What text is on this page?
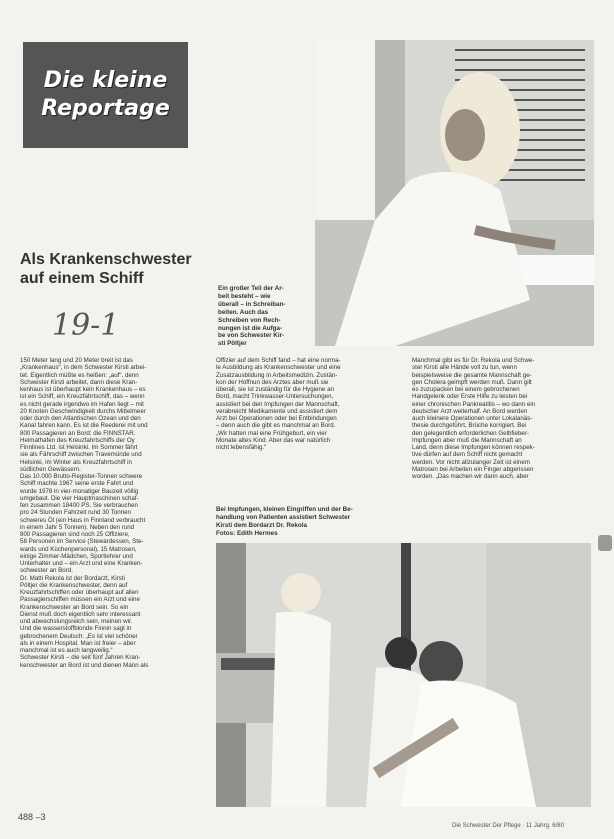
Die kleine
Reportage
Als Krankenschwester
auf einem Schiff
19-1
Ein großer Teil der Ar-
beit besteht – wie
überall – in Schreiban-
beiten. Auch das
Schreiben von Rech-
nungen ist die Aufga-
be von Schwester Kir-
sti Pöltjer

150 Meter lang und 20 Meter breit ist das

„Krankenhaus“, in dem Schwester Kirsti arbei-

tet. Eigentlich müßte es heißen: „auf“, denn

Schwester Kirsti arbeitet, dann diese Kran-

kenhaus ist überhaupt kein Krankenhaus – es

ist ein Schiff, ein Kreuzfahrtschiff, das – wenn

es nicht gerade irgendwo im Hafen liegt – mit

20 Knoten Geschwindigkeit durchs Mittelmeer

oder durch den Atlantischen Ozean und den

Kanal fahren kann. Es ist die Reederei mit und

800 Passagieren an Bord: die FINNSTAR.

Heimathafen des Kreuzfahrtschiffs der Oy

Finnlines Ltd. ist Helsinki. Im Sommer fährt

sie als Fährschiff zwischen Travemünde und

Helsinki, im Winter als Kreuzfahrtschiff in

südlichen Gewässern.

Das 10.000 Brutto-Register-Tonnen schwere

Schiff machte 1967 seine erste Fahrt und

wurde 1978 in vier-monatiger Bauzeit völlig

umgebaut. Die vier Hauptmaschinen schaf-

fen zusammen 18400 PS. Sie verbrauchen

pro 24 Stunden Fahrzeit rund 30 Tonnen

schweres Öl (ein Haus in Finnland verbraucht

in einem Jahr 5 Tonnen). Neben den rund

800 Passagieren sind noch 25 Offiziere,

58 Personen im Service (Stewardessen, Ste-

wards und Küchenpersonal), 15 Matrosen,

einige Zimmer-Mädchen, Sportlehrer und

Unterhalter und – ein Arzt und eine Kranken-

schwester an Bord.

Dr. Matti Rekola ist der Bordarzt, Kirsti

Pöltjer die Krankenschwester, denn auf

Kreuzfahrtschiffen oder überhaupt auf allen

Passagierschiffen müssen ein Arzt und eine

Krankenschwester an Bord sein. So ein

Dienst muß doch eigentlich sehr interessant

und abwechslungsreich sein, meinen wir.

Und die wasserstoffblonde Finnin sagt in

gebrochenem Deutsch: „Es ist viel schöner

als in einem Hospital. Man ist freier – aber

manchmal ist es auch langweilig.“

Schwester Kirsti – die seit fünf Jahren Kran-

kenschwester an Bord ist und dienen Mann als

Offizier auf dem Schiff fand – hat eine norma-

le Ausbildung als Krankenschwester und eine

Zusatzausbildung in Arbeitsmedizin. Zustän-

kon der Hoffnun des Arztes aber muß sie

überall, sie ist zuständig für die Hygiene an

Bord, macht Trinkwasser-Untersuchungen,

assistiert bei den Impfungen der Mannschaft,

verabreicht Medikamente und assistiert dem

Arzt bei Operationen oder bei Entbindungen

– denn auch die gibt es manchmal an Bord.

„Wir hatten mal eine Frühgeburt, ein vier

Monate altes Kind. Aber das war natürlich

nicht lebensfähig.“

Bei Impfungen, kleinen Eingriffen und der Be-
handlung von Patienten assistiert Schwester
Kirsti dem Bordarzt Dr. Rekola
Fotos: Edith Hermes

Manchmal gibt es für Dr. Rekola und Schwe-

ster Kirsti alle Hände voll zu tun, wenn

beispielsweise die gesamte Mannschaft ge-

gen Cholera geimpft werden muß. Dann gilt

es zuzupacken bei einem gebrochenen

Handgelenk oder Erste Hilfe zu leisten bei

einer chronischen Pankreatitis – wo dann ein

deutscher Arzt weiterhalf. An Bord werden

auch kleinere Operationen unter Lokalanäs-

thesie durchgeführt, Brüche korrigiert. Bei

den gelegentlich erforderlichen Gelbfieber-

Impfungen aber muß die Mannschaft an

Land, denn diese Impfungen können respek-

tive dürfen auf dem Schiff nicht gemacht

werden. Vor nicht allzulanger Zeit ist einem

Matrosen bei Arbeiten ein Finger abgerissen

worden. „Das machen wir dann auch, aber

488 –3
Die Schwester Der Pflege · 11 Jahrg. 6/80
